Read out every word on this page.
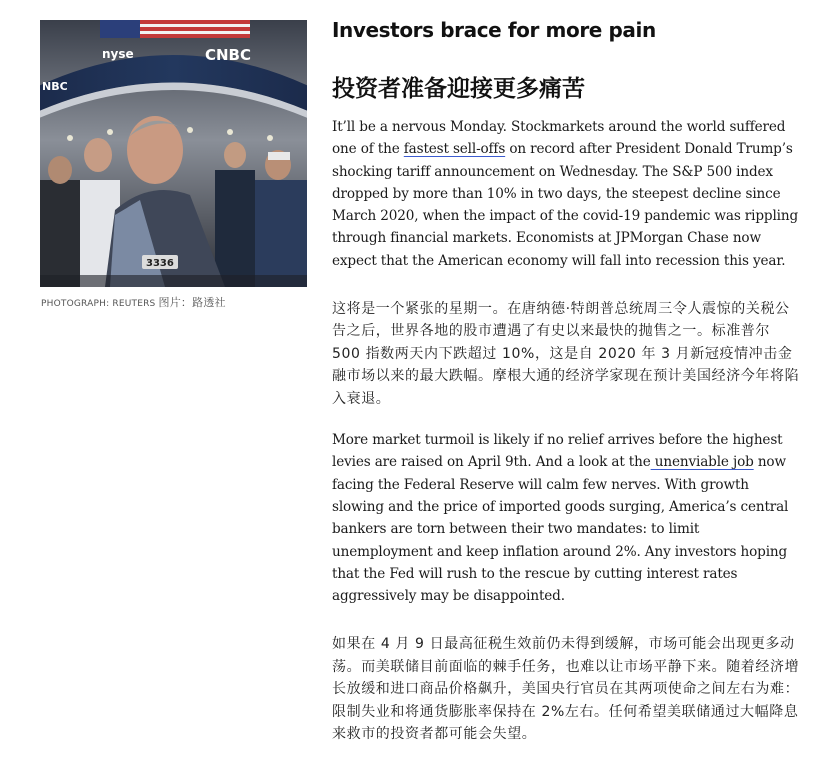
nyse	CNBC
NBC
3336
PHOTOGRAPH: REUTERS 图片：路透社
Investors brace for more pain
投资者准备迎接更多痛苦

It’ll be a nervous Monday. Stockmarkets around the world suffered one of the fastest sell-offs on record after President Donald Trump’s shocking tariff announcement on Wednesday. The S&P 500 index dropped by more than 10% in two days, the steepest decline since March 2020, when the impact of the covid-19 pandemic was rippling through financial markets. Economists at JPMorgan Chase now expect that the American economy will fall into recession this year.

这将是一个紧张的星期一。在唐纳德·特朗普总统周三令人震惊的关税公告之后，世界各地的股市遭遇了有史以来最快的抛售之一。标准普尔 500 指数两天内下跌超过 10%，这是自 2020 年 3 月新冠疫情冲击金融市场以来的最大跌幅。摩根大通的经济学家现在预计美国经济今年将陷入衰退。

More market turmoil is likely if no relief arrives before the highest levies are raised on April 9th. And a look at the unenviable job now facing the Federal Reserve will calm few nerves. With growth slowing and the price of imported goods surging, America’s central bankers are torn between their two mandates: to limit unemployment and keep inflation around 2%. Any investors hoping that the Fed will rush to the rescue by cutting interest rates aggressively may be disappointed.

如果在 4 月 9 日最高征税生效前仍未得到缓解，市场可能会出现更多动荡。而美联储目前面临的棘手任务，也难以让市场平静下来。随着经济增长放缓和进口商品价格飙升，美国央行官员在其两项使命之间左右为难：限制失业和将通货膨胀率保持在 2%左右。任何希望美联储通过大幅降息来救市的投资者都可能会失望。
